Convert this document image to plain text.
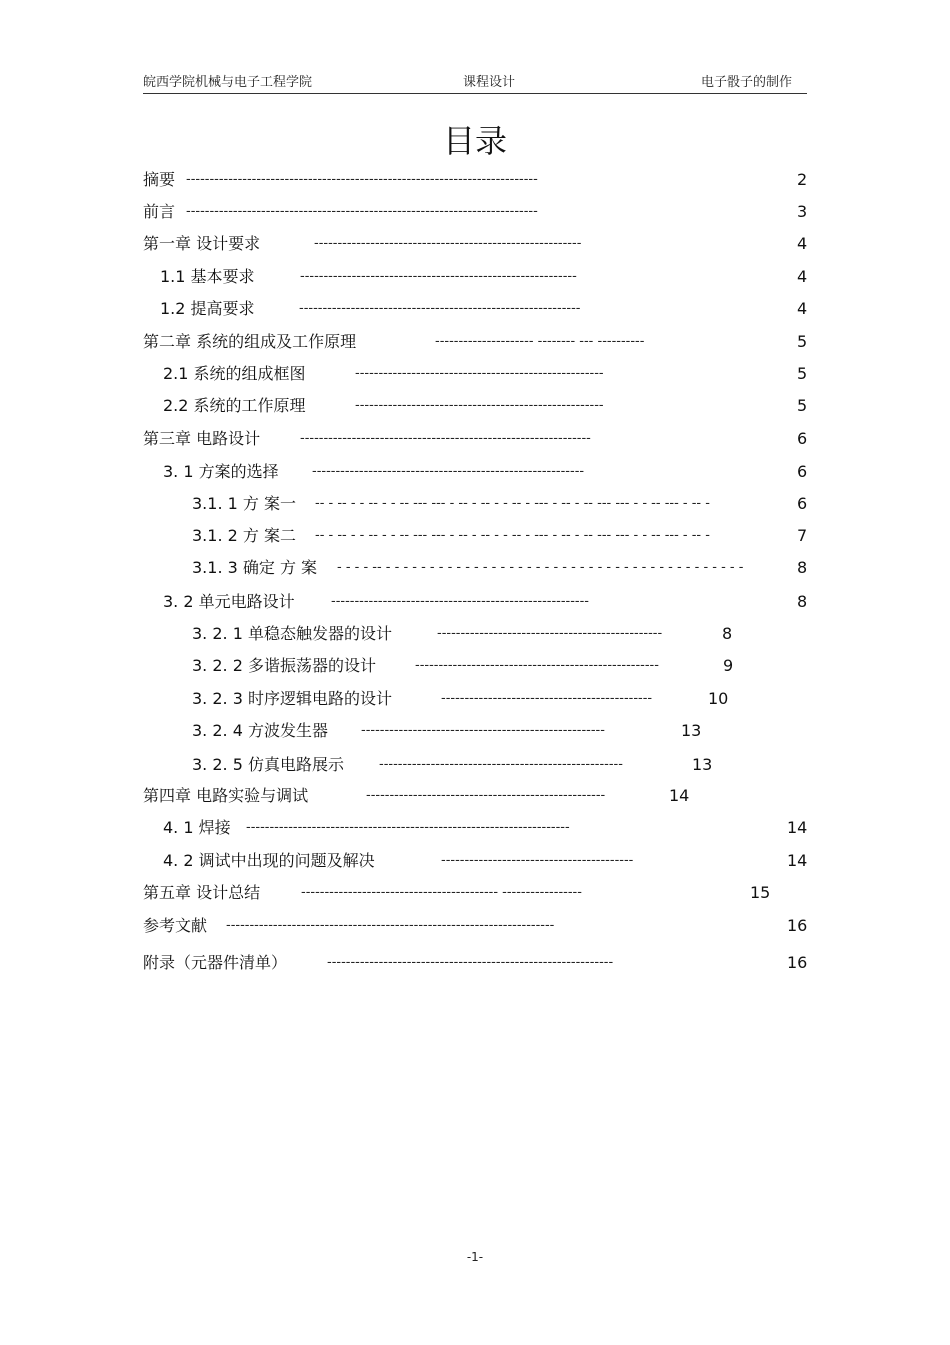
皖西学院机械与电子工程学院	课程设计	电子骰子的制作
目录
摘要 ---------------------------------------------------------------------------	2
前言 ---------------------------------------------------------------------------	3
第一章 设计要求	---------------------------------------------------------	4
1.1 基本要求	-----------------------------------------------------------	4
1.2 提高要求	------------------------------------------------------------	4
第二章 系统的组成及工作原理	--------------------- -------- --- ----------	5
2.1 系统的组成框图	-----------------------------------------------------	5
2.2 系统的工作原理	-----------------------------------------------------	5
第三章 电路设计	--------------------------------------------------------------	6
3. 1 方案的选择	----------------------------------------------------------	6
3.1. 1 方 案一 -- - -- - - -- - - -- --- --- - -- - -- - - -- - --- - -- - -- --- --- - - -- --- - -- -	6
3.1. 2 方 案二 -- - -- - - -- - - -- --- --- - -- - -- - - -- - --- - -- - -- --- --- - - -- --- - -- -	7
3.1. 3 确定 方 案 - - - - -- - - - - - - - - - - - - - - - - - - - - - - - - - - - - - - - - - - - - - - - - -	8
3. 2 单元电路设计	-------------------------------------------------------	8
3. 2. 1 单稳态触发器的设计	------------------------------------------------	8
3. 2. 2 多谐振荡器的设计	----------------------------------------------------	9
3. 2. 3 时序逻辑电路的设计	---------------------------------------------	10
3. 2. 4 方波发生器	----------------------------------------------------	13
3. 2. 5 仿真电路展示	----------------------------------------------------	13
第四章 电路实验与调试	---------------------------------------------------	14
4. 1 焊接 ---------------------------------------------------------------------	14
4. 2 调试中出现的问题及解决	-----------------------------------------	14
第五章 设计总结	------------------------------------------ -----------------	15
参考文献 ----------------------------------------------------------------------	16
附录（元器件清单）	-------------------------------------------------------------	16
-1-
